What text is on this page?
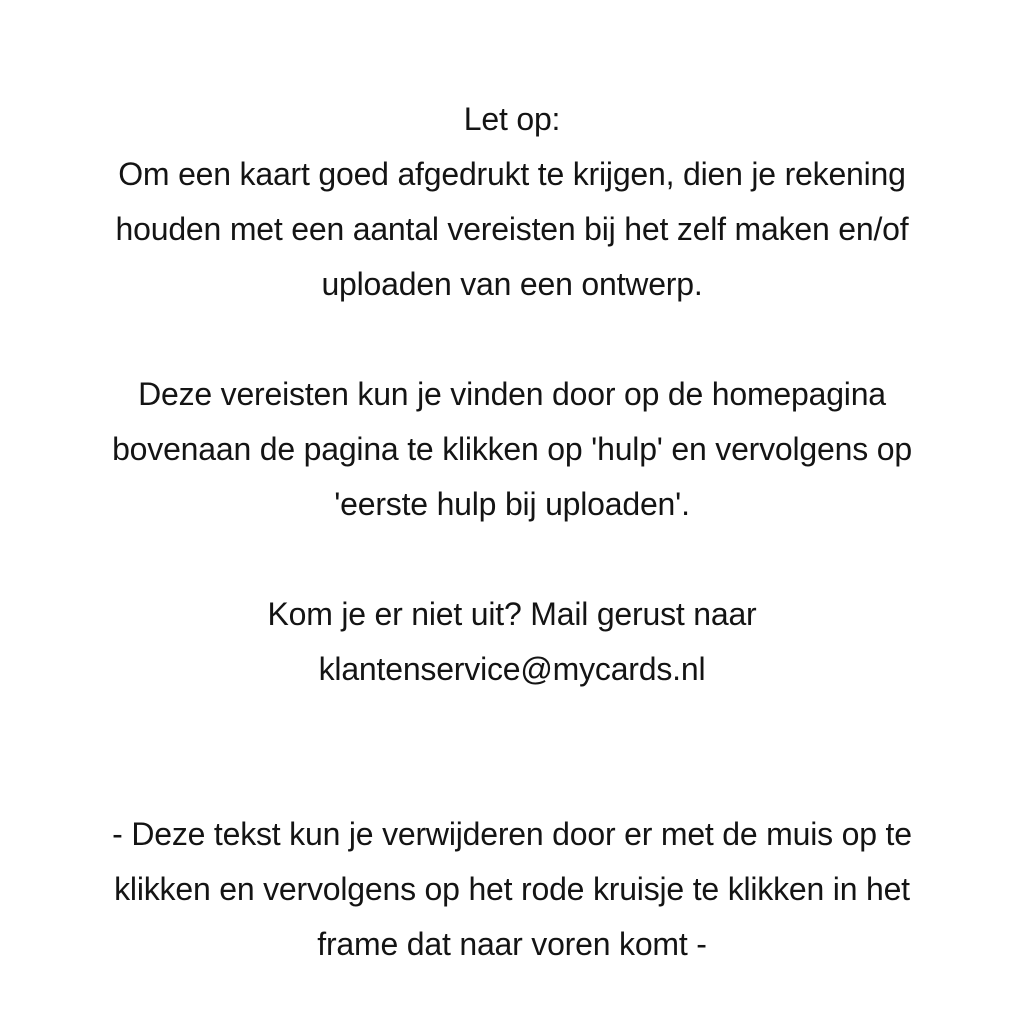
Let op:
Om een kaart goed afgedrukt te krijgen, dien je rekening
houden met een aantal vereisten bij het zelf maken en/of
uploaden van een ontwerp.
Deze vereisten kun je vinden door op de homepagina
bovenaan de pagina te klikken op 'hulp' en vervolgens op
'eerste hulp bij uploaden'.
Kom je er niet uit? Mail gerust naar
klantenservice@mycards.nl
- Deze tekst kun je verwijderen door er met de muis op te
klikken en vervolgens op het rode kruisje te klikken in het
frame dat naar voren komt -
